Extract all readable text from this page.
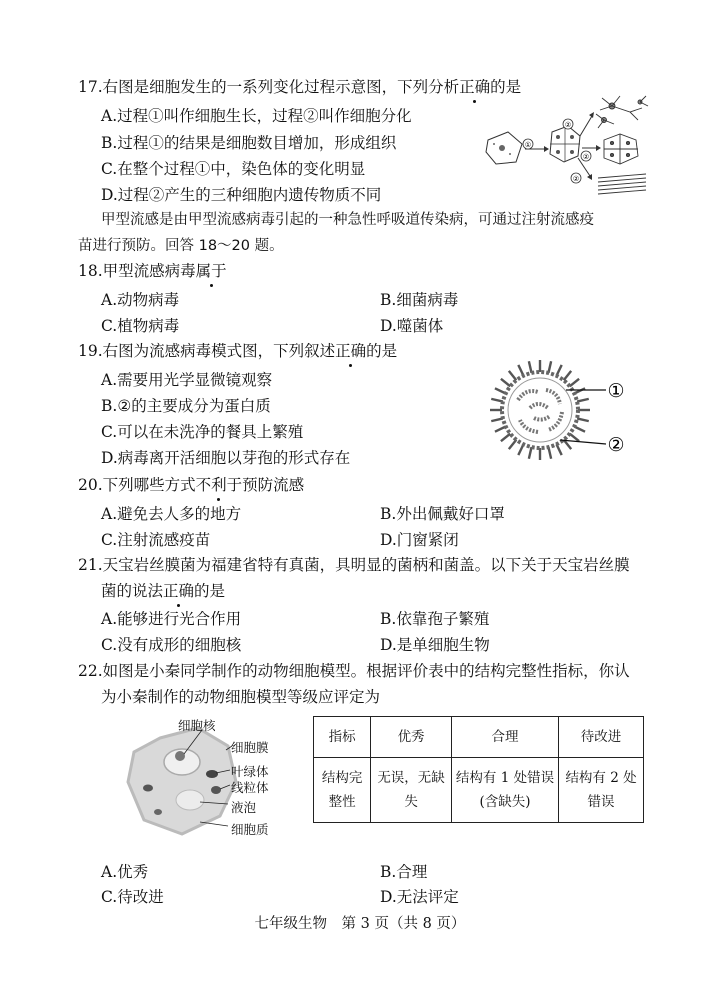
17.右图是细胞发生的一系列变化过程示意图，下列分析正确的是
A.过程①叫作细胞生长，过程②叫作细胞分化
B.过程①的结果是细胞数目增加，形成组织
C.在整个过程①中，染色体的变化明显
D.过程②产生的三种细胞内遗传物质不同
①
②
②
②
甲型流感是由甲型流感病毒引起的一种急性呼吸道传染病，可通过注射流感疫
苗进行预防。回答 18～20 题。
18.甲型流感病毒属于
A.动物病毒	B.细菌病毒
C.植物病毒	D.噬菌体
19.右图为流感病毒模式图，下列叙述正确的是
A.需要用光学显微镜观察
B.②的主要成分为蛋白质
C.可以在未洗净的餐具上繁殖
D.病毒离开活细胞以芽孢的形式存在
①
②
20.下列哪些方式不利于预防流感
A.避免去人多的地方	B.外出佩戴好口罩
C.注射流感疫苗	D.门窗紧闭
21.天宝岩丝膜菌为福建省特有真菌，具明显的菌柄和菌盖。以下关于天宝岩丝膜
菌的说法正确的是
A.能够进行光合作用	B.依靠孢子繁殖
C.没有成形的细胞核	D.是单细胞生物
22.如图是小秦同学制作的动物细胞模型。根据评价表中的结构完整性指标，你认
为小秦制作的动物细胞模型等级应评定为
细胞核
细胞膜
叶绿体
线粒体
液泡
细胞质
指标	优秀	合理	待改进
结构完整性	无误，无缺失	结构有 1 处错误(含缺失)	结构有 2 处错误
A.优秀	B.合理
C.待改进	D.无法评定
七年级生物　第 3 页（共 8 页）
